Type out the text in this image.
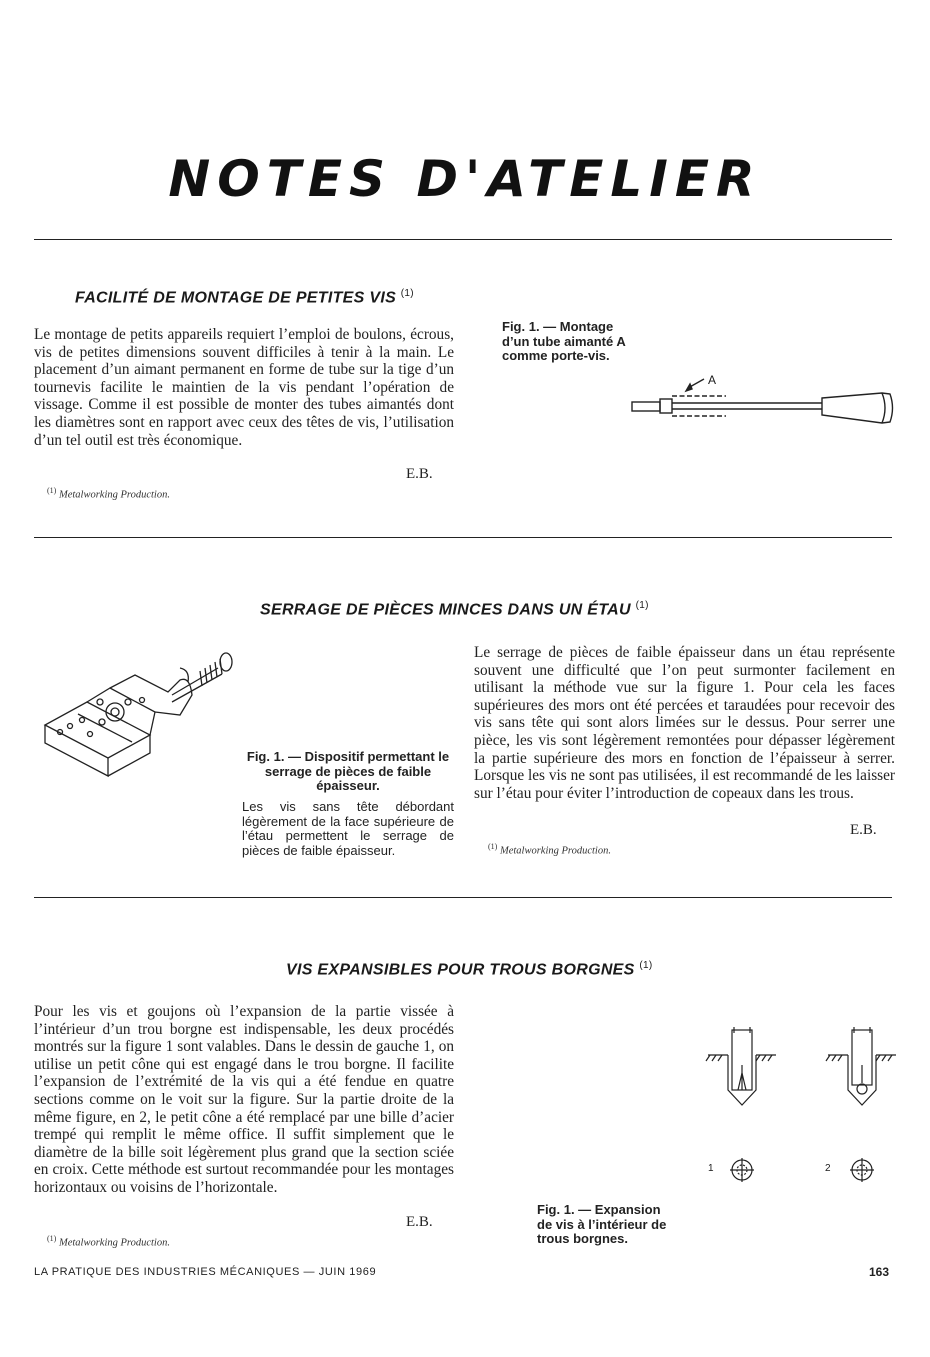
NOTES D'ATELIER
FACILITÉ DE MONTAGE DE PETITES VIS $^{(1)}$
Le montage de petits appareils requiert l’emploi de boulons, écrous, vis de petites dimensions souvent difficiles à tenir à la main. Le placement d’un aimant permanent en forme de tube sur la tige d’un tournevis facilite le maintien de la vis pendant l’opération de vissage. Comme il est possible de monter des tubes aimantés dont les diamètres sont en rapport avec ceux des têtes de vis, l’utilisation d’un tel outil est très économique.
E.B.
$^{(1)}$ Metalworking Production.
Fig. 1. — Montage d’un tube aimanté A comme porte-vis.
A
SERRAGE DE PIÈCES MINCES DANS UN ÉTAU $^{(1)}$
Fig. 1. — Dispositif permettant le serrage de pièces de faible épaisseur.
Les vis sans tête débordant légèrement de la face supérieure de l’étau permettent le serrage de pièces de faible épaisseur.
Le serrage de pièces de faible épaisseur dans un étau représente souvent une difficulté que l’on peut surmonter facilement en utilisant la méthode vue sur la figure 1. Pour cela les faces supérieures des mors ont été percées et taraudées pour recevoir des vis sans tête qui sont alors limées sur le dessus. Pour serrer une pièce, les vis sont légèrement remontées pour dépasser légèrement la partie supérieure des mors en fonction de l’épaisseur à serrer. Lorsque les vis ne sont pas utilisées, il est recommandé de les laisser sur l’étau pour éviter l’introduction de copeaux dans les trous.
E.B.
$^{(1)}$ Metalworking Production.
VIS EXPANSIBLES POUR TROUS BORGNES $^{(1)}$
Pour les vis et goujons où l’expansion de la partie vissée à l’intérieur d’un trou borgne est indispensable, les deux procédés montrés sur la figure 1 sont valables. Dans le dessin de gauche 1, on utilise un petit cône qui est engagé dans le trou borgne. Il facilite l’expansion de l’extrémité de la vis qui a été fendue en quatre sections comme on le voit sur la figure. Sur la partie droite de la même figure, en 2, le petit cône a été remplacé par une bille d’acier trempé qui remplit le même office. Il suffit simplement que le diamètre de la bille soit légèrement plus grand que la section sciée en croix. Cette méthode est surtout recommandée pour les montages horizontaux ou voisins de l’horizontale.
E.B.
$^{(1)}$ Metalworking Production.
1	2
Fig. 1. — Expansion de vis à l’intérieur de trous borgnes.
LA PRATIQUE DES INDUSTRIES MÉCANIQUES — JUIN 1969	163
